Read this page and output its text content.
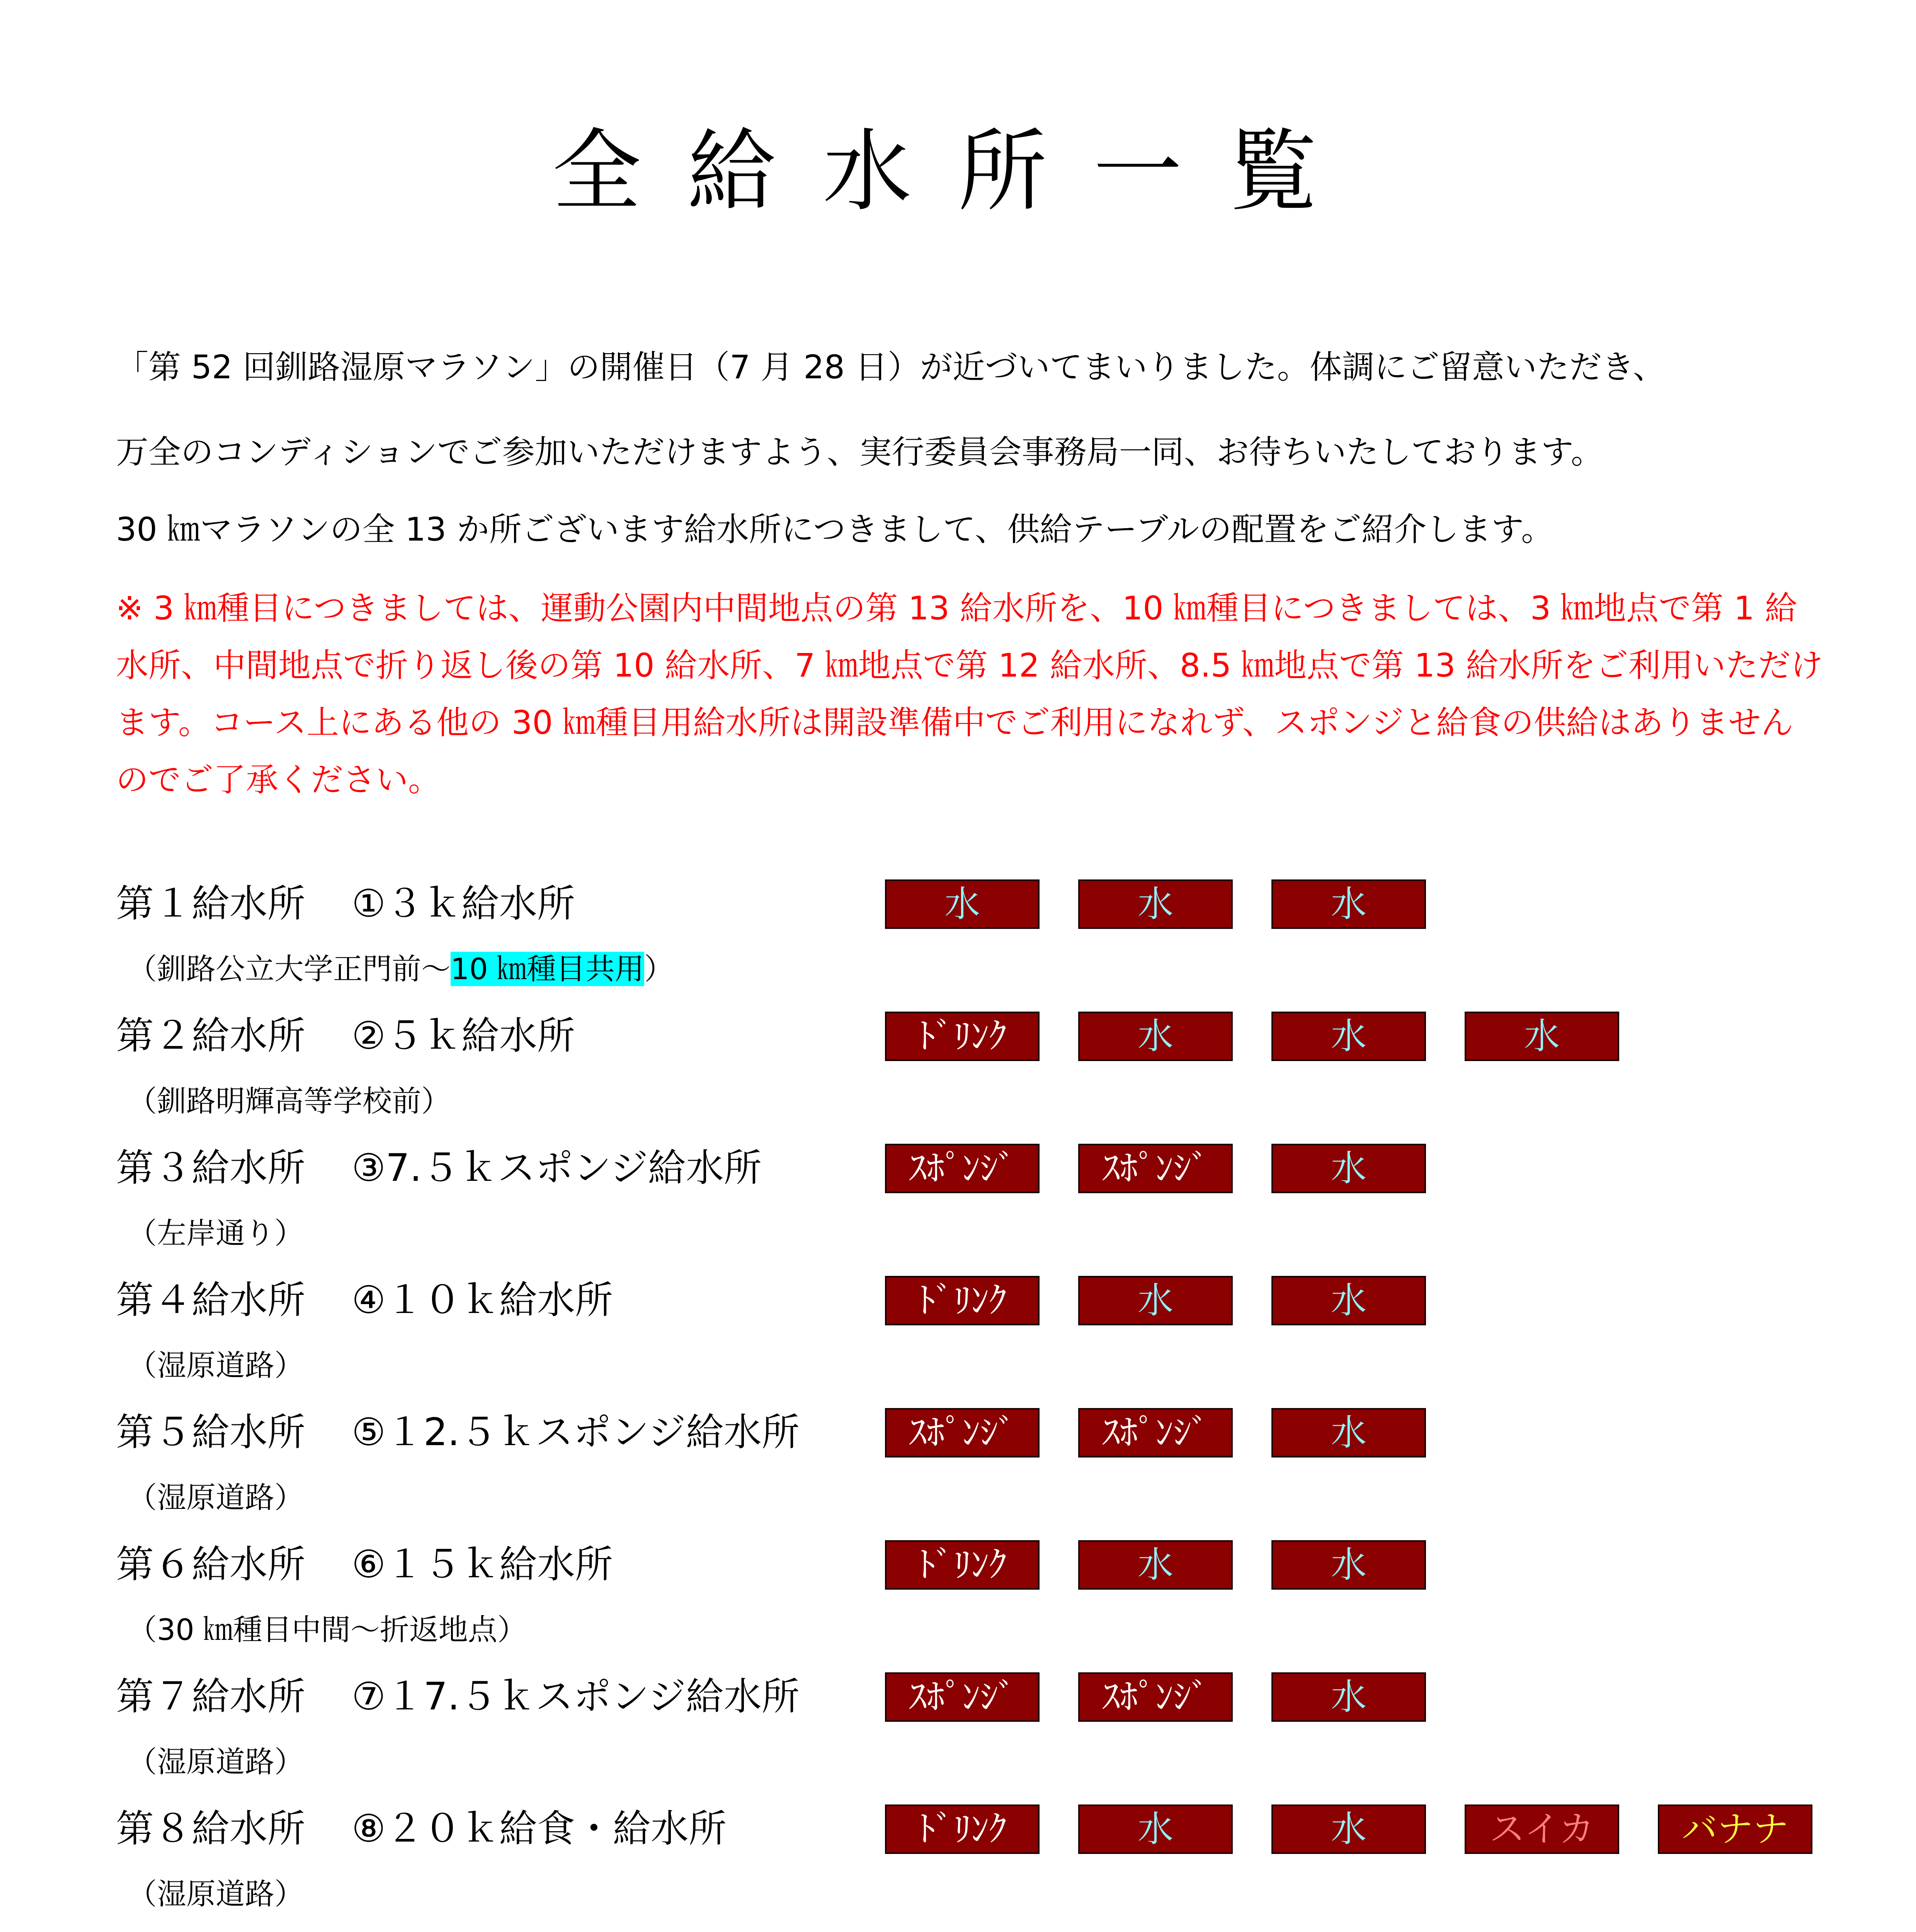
全給水所一覧
「第 52 回釧路湿原マラソン」の開催日（7 月 28 日）が近づいてまいりました。体調にご留意いただき、
万全のコンディションでご参加いただけますよう、実行委員会事務局一同、お待ちいたしております。
30 ㎞マラソンの全 13 か所ございます給水所につきまして、供給テーブルの配置をご紹介します。
※ 3 ㎞種目につきましては、運動公園内中間地点の第 13 給水所を、10 ㎞種目につきましては、3 ㎞地点で第 1 給水所、中間地点で折り返し後の第 10 給水所、7 ㎞地点で第 12 給水所、8.5 ㎞地点で第 13 給水所をご利用いただけます。コース上にある他の 30 ㎞種目用給水所は開設準備中でご利用になれず、スポンジと給食の供給はありませんのでご了承ください。
第１給水所 ①３ｋ給水所
（釧路公立大学正門前～10 ㎞種目共用）
水	水	水
第２給水所 ②５ｋ給水所
（釧路明輝高等学校前）
ﾄﾞﾘﾝｸ	水	水	水
第３給水所 ③7.５ｋスポンジ給水所
（左岸通り）
ｽﾎﾟﾝｼﾞ	ｽﾎﾟﾝｼﾞ	水
第４給水所 ④１０ｋ給水所
（湿原道路）
ﾄﾞﾘﾝｸ	水	水
第５給水所 ⑤１2.５ｋスポンジ給水所
（湿原道路）
ｽﾎﾟﾝｼﾞ	ｽﾎﾟﾝｼﾞ	水
第６給水所 ⑥１５ｋ給水所
（30 ㎞種目中間～折返地点）
ﾄﾞﾘﾝｸ	水	水
第７給水所 ⑦１7.５ｋスポンジ給水所
（湿原道路）
ｽﾎﾟﾝｼﾞ	ｽﾎﾟﾝｼﾞ	水
第８給水所 ⑧２０ｋ給食・給水所
（湿原道路）
ﾄﾞﾘﾝｸ	水	水	スイカ	バナナ
